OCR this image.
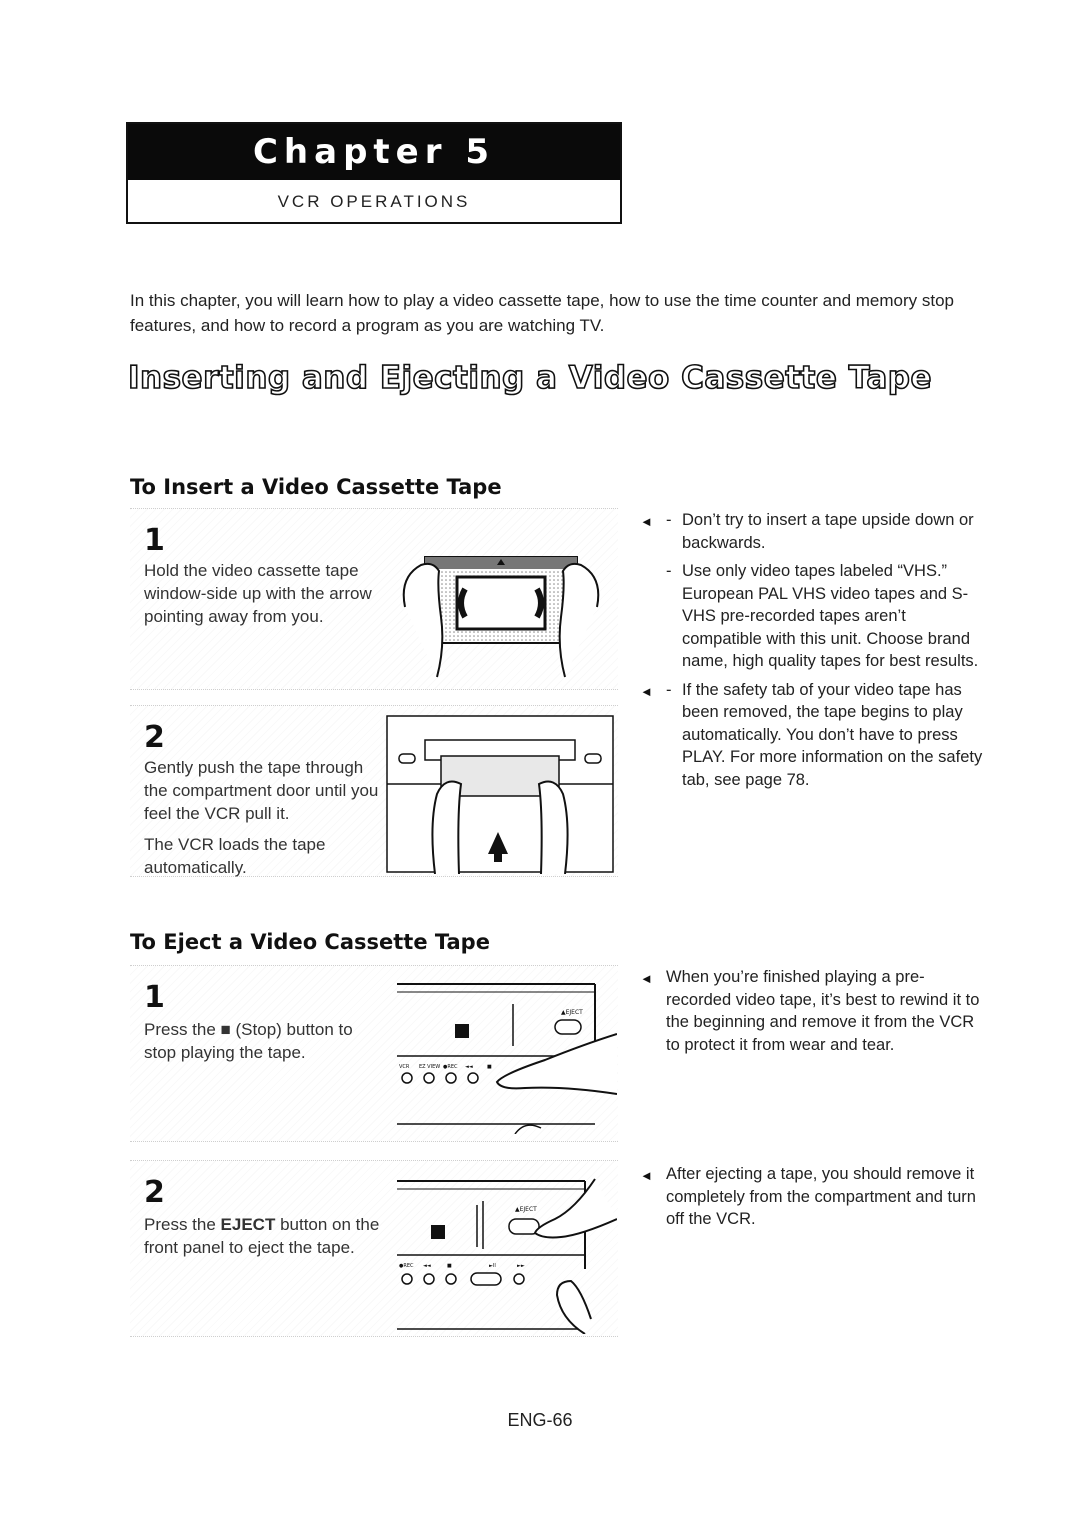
Chapter 5
VCR OPERATIONS
In this chapter, you will learn how to play a video cassette tape, how to use the time counter and memory stop features, and how to record a program as you are watching TV.
Inserting and Ejecting a Video Cassette Tape
To Insert a Video Cassette Tape
1
Hold the video cassette tape window-side up with the arrow pointing away from you.
2

Gently push the tape through the compartment door until you feel the VCR pull it.

The VCR loads the tape automatically.

◄ - Don’t try to insert a tape upside down or backwards.
- Use only video tapes labeled “VHS.” European PAL VHS video tapes and S-VHS pre-recorded tapes aren’t compatible with this unit. Choose brand name, high quality tapes for best results.
◄ - If the safety tab of your video tape has been removed, the tape begins to play automatically. You don’t have to press PLAY. For more information on the safety tab, see page 78.
To Eject a Video Cassette Tape
1
Press the ■ (Stop) button to stop playing the tape.
▲EJECT
VCR EZ VIEW ●REC ◄◄	■
2
Press the EJECT button on the front panel to eject the tape.
▲EJECT
●REC ◄◄	■	►II	►►
◄ When you’re finished playing a pre-recorded video tape, it’s best to rewind it to the beginning and remove it from the VCR to protect it from wear and tear.
◄ After ejecting a tape, you should remove it completely from the compartment and turn off the VCR.
ENG-66
